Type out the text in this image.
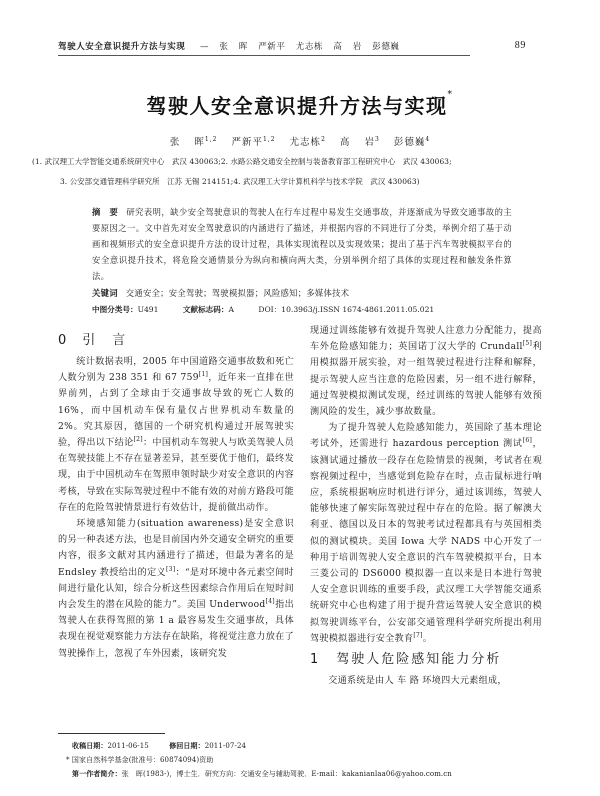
驾驶人安全意识提升方法与实现 — 张 晖 严新平 尤志栋 高 岩 彭德巍	89
驾驶人安全意识提升方法与实现*
张 晖$^{1,2}$ 严新平$^{1,2}$ 尤志栋$^2$ 高 岩$^3$ 彭德巍$^4$
(1. 武汉理工大学智能交通系统研究中心　武汉 430063;2. 水路公路交通安全控制与装备教育部工程研究中心　武汉 430063;
3. 公安部交通管理科学研究所　江苏 无锡 214151;4. 武汉理工大学计算机科学与技术学院　武汉 430063)
摘　要 研究表明，缺少安全驾驶意识的驾驶人在行车过程中易发生交通事故，并逐渐成为导致交通事故的主要原因之一。文中首先对安全驾驶意识的内涵进行了描述，并根据内容的不同进行了分类，举例介绍了基于动画和视频形式的安全意识提升方法的设计过程，具体实现流程以及实现效果；提出了基于汽车驾驶模拟平台的安全意识提升技术，将危险交通情景分为纵向和横向两大类，分别举例介绍了具体的实现过程和触发条件算法。
关键词 交通安全；安全驾驶；驾驶模拟器；风险感知；多媒体技术
中图分类号：U491	文献标志码：A	DOI：10.3963/j.ISSN 1674-4861.2011.05.021
0 引　言

统计数据表明，2005 年中国道路交通事故数和死亡人数分别为 238 351 和 67 759[1]，近年来一直排在世界前列，占到了全球由于交通事故导致的死亡人数的 16%，而中国机动车保有量仅占世界机动车数量的 2%。究其原因，德国的一个研究机构通过开展驾驶实验，得出以下结论[2]：中国机动车驾驶人与欧美驾驶人员在驾驶技能上不存在显著差异，甚至要优于他们，最终发现，由于中国机动车在驾照申领时缺少对安全意识的内容考核，导致在实际驾驶过程中不能有效的对前方路段可能存在的危险驾驶情景进行有效估计，提前做出动作。

环境感知能力(situation awareness)是安全意识的另一种表述方法，也是目前国内外交通安全研究的重要内容，很多文献对其内涵进行了描述，但最为著名的是 Endsley 教授给出的定义[3]：“是对环境中各元素空间时间进行量化认知，综合分析这些因素综合作用后在短时间内会发生的潜在风险的能力”。美国 Underwood[4]指出驾驶人在获得驾照的第 1 a 最容易发生交通事故，具体表现在视觉观察能力方法存在缺陷，将视觉注意力放在了驾驶操作上，忽视了车外因素，该研究发

现通过训练能够有效提升驾驶人注意力分配能力，提高车外危险感知能力；英国诺丁汉大学的 Crundall[5]利用模拟器开展实验，对一组驾驶过程进行注释和解释，提示驾驶人应当注意的危险因素，另一组不进行解释，通过驾驶模拟测试发现，经过训练的驾驶人能够有效预测风险的发生，减少事故数量。

为了提升驾驶人危险感知能力，英国除了基本理论考试外，还需进行 hazardous perception 测试[6]，该测试通过播放一段存在危险情景的视频，考试者在观察视频过程中，当感觉到危险存在时，点击鼠标进行响应，系统根据响应时机进行评分，通过该训练，驾驶人能够快速了解实际驾驶过程中存在的危险。据了解澳大利亚、德国以及日本的驾驶考试过程都具有与英国相类似的测试模块。美国 Iowa 大学 NADS 中心开发了一种用于培训驾驶人安全意识的汽车驾驶模拟平台，日本三菱公司的 DS6000 模拟器一直以来是日本进行驾驶人安全意识训练的重要手段，武汉理工大学智能交通系统研究中心也构建了用于提升营运驾驶人安全意识的模拟驾驶训练平台，公安部交通管理科学研究所提出利用驾驶模拟器进行安全教育[7]。

1 驾驶人危险感知能力分析

交通系统是由人 车 路 环境四大元素组成，

收稿日期：2011-06-15	修回日期：2011-07-24
* 国家自然科学基金(批准号：60874094)资助
第一作者简介：张　晖(1983-)，博士生．研究方向：交通安全与辅助驾驶．E-mail：kakanianlaa06@yahoo.com.cn
